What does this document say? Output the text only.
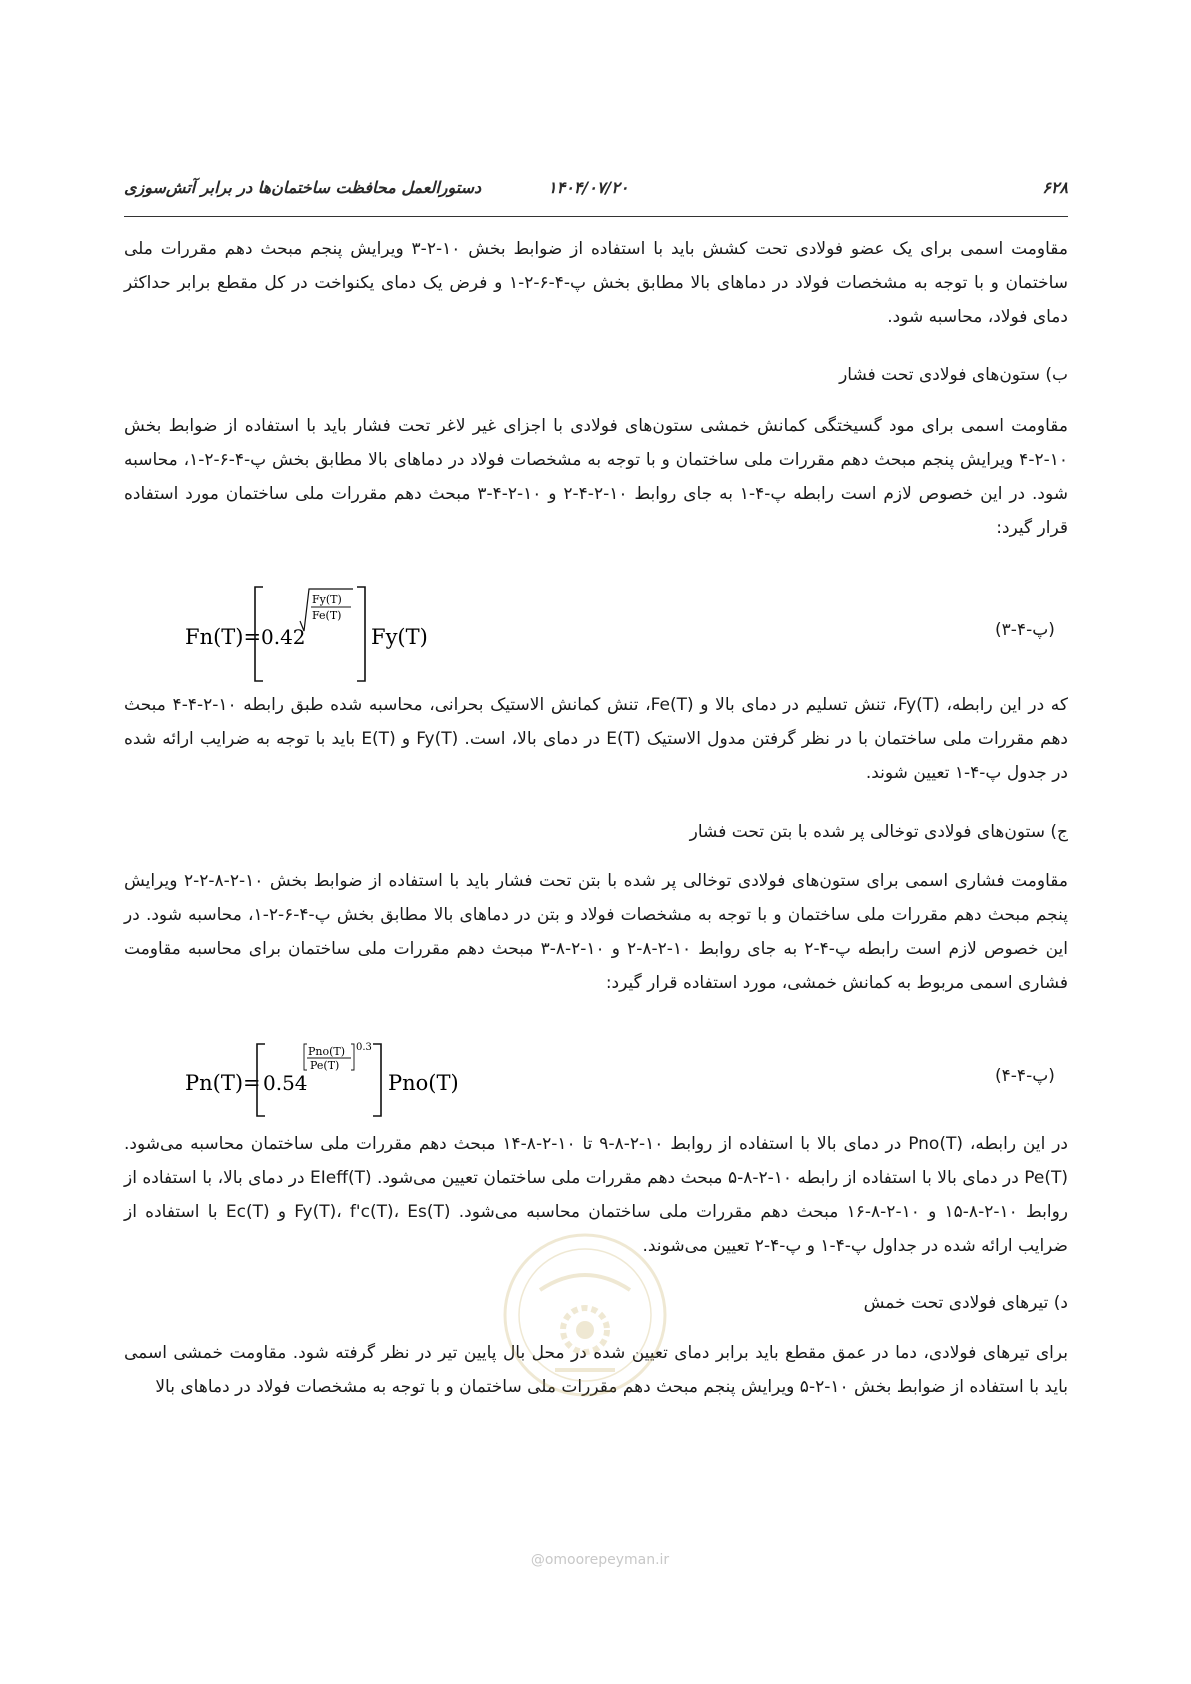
۶۲۸
۱۴۰۴/۰۷/۲۰
دستورالعمل محافظت ساختمان‌ها در برابر آتش‌سوزی

مقاومت اسمی برای یک عضو فولادی تحت کشش باید با استفاده از ضوابط بخش ۱۰-۲-۳ ویرایش پنجم مبحث دهم مقررات ملی ساختمان و با توجه به مشخصات فولاد در دماهای بالا مطابق بخش پ-۴-۶-۲-۱ و فرض یک دمای یکنواخت در کل مقطع برابر حداکثر دمای فولاد، محاسبه شود.

ب) ستون‌های فولادی تحت فشار

مقاومت اسمی برای مود گسیختگی کمانش خمشی ستون‌های فولادی با اجزای غیر لاغر تحت فشار باید با استفاده از ضوابط بخش ۱۰-۲-۴ ویرایش پنجم مبحث دهم مقررات ملی ساختمان و با توجه به مشخصات فولاد در دماهای بالا مطابق بخش پ-۴-۶-۲-۱، محاسبه شود. در این خصوص لازم است رابطه پ-۴-۱ به جای روابط ۱۰-۲-۴-۲ و ۱۰-۲-۴-۳ مبحث دهم مقررات ملی ساختمان مورد استفاده قرار گیرد:

Fn(T)= 0.42
Fy(T)
Fe(T)
Fy(T)	(پ-۴-۳)

که در این رابطه، Fy(T)، تنش تسلیم در دمای بالا و Fe(T)، تنش کمانش الاستیک بحرانی، محاسبه شده طبق رابطه ۱۰-۲-۴-۴ مبحث دهم مقررات ملی ساختمان با در نظر گرفتن مدول الاستیک E(T) در دمای بالا، است. Fy(T) و E(T) باید با توجه به ضرایب ارائه شده در جدول پ-۴-۱ تعیین شوند.

ج) ستون‌های فولادی توخالی پر شده با بتن تحت فشار

مقاومت فشاری اسمی برای ستون‌های فولادی توخالی پر شده با بتن تحت فشار باید با استفاده از ضوابط بخش ۱۰-۲-۸-۲-۲ ویرایش پنجم مبحث دهم مقررات ملی ساختمان و با توجه به مشخصات فولاد و بتن در دماهای بالا مطابق بخش پ-۴-۶-۲-۱، محاسبه شود. در این خصوص لازم است رابطه پ-۴-۲ به جای روابط ۱۰-۲-۸-۲ و ۱۰-۲-۸-۳ مبحث دهم مقررات ملی ساختمان برای محاسبه مقاومت فشاری اسمی مربوط به کمانش خمشی، مورد استفاده قرار گیرد:

Pn(T)= 0.54
Pno(T)
Pe(T)
0.3
Pno(T)	(پ-۴-۴)

در این رابطه، Pno(T) در دمای بالا با استفاده از روابط ۱۰-۲-۸-۹ تا ۱۰-۲-۸-۱۴ مبحث دهم مقررات ملی ساختمان محاسبه می‌شود. Pe(T) در دمای بالا با استفاده از رابطه ۱۰-۲-۸-۵ مبحث دهم مقررات ملی ساختمان تعیین می‌شود. EIeff(T) در دمای بالا، با استفاده از روابط ۱۰-۲-۸-۱۵ و ۱۰-۲-۸-۱۶ مبحث دهم مقررات ملی ساختمان محاسبه می‌شود. Fy(T)، f'c(T)، Es(T) و Ec(T) با استفاده از ضرایب ارائه شده در جداول پ-۴-۱ و پ-۴-۲ تعیین می‌شوند.

د) تیرهای فولادی تحت خمش

برای تیرهای فولادی، دما در عمق مقطع باید برابر دمای تعیین شده در محل بال پایین تیر در نظر گرفته شود. مقاومت خمشی اسمی باید با استفاده از ضوابط بخش ۱۰-۲-۵ ویرایش پنجم مبحث دهم مقررات ملی ساختمان و با توجه به مشخصات فولاد در دماهای بالا

@omoorepeyman.ir
